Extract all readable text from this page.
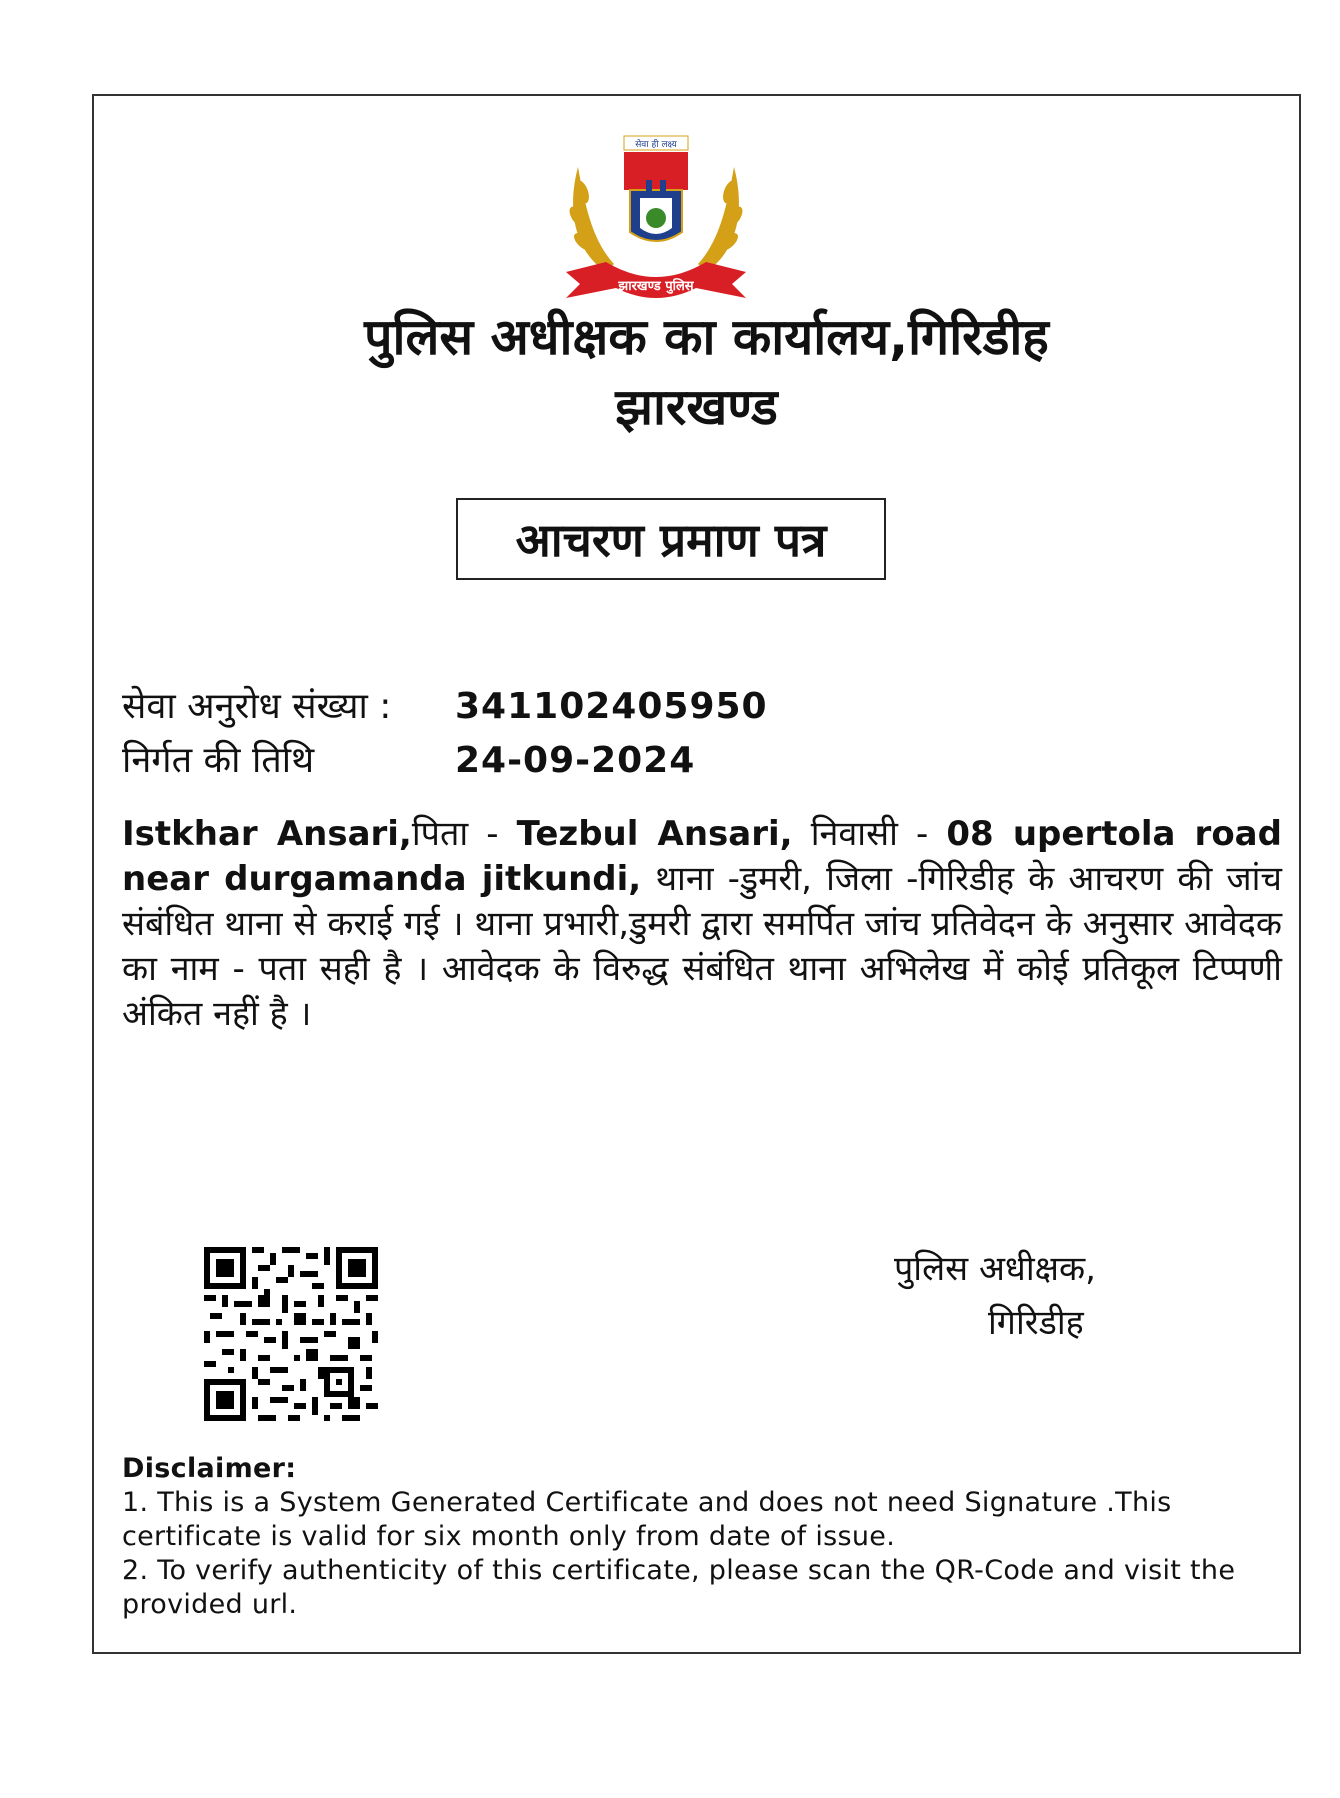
सेवा ही लक्ष्य
झारखण्ड पुलिस
पुलिस अधीक्षक का कार्यालय,गिरिडीह
झारखण्ड
आचरण प्रमाण पत्र
सेवा अनुरोध संख्या :	341102405950
निर्गत की तिथि	24-09-2024
Istkhar Ansari,पिता - Tezbul Ansari, निवासी - 08 upertola road near durgamanda jitkundi, थाना -डुमरी, जिला -गिरिडीह के आचरण की जांच संबंधित थाना से कराई गई । थाना प्रभारी,डुमरी द्वारा समर्पित जांच प्रतिवेदन के अनुसार आवेदक का नाम - पता सही है । आवेदक के विरुद्ध संबंधित थाना अभिलेख में कोई प्रतिकूल टिप्पणी अंकित नहीं है ।
पुलिस अधीक्षक,
गिरिडीह
Disclaimer:
1. This is a System Generated Certificate and does not need Signature .This certificate is valid for six month only from date of issue.
2. To verify authenticity of this certificate, please scan the QR-Code and visit the provided url.
